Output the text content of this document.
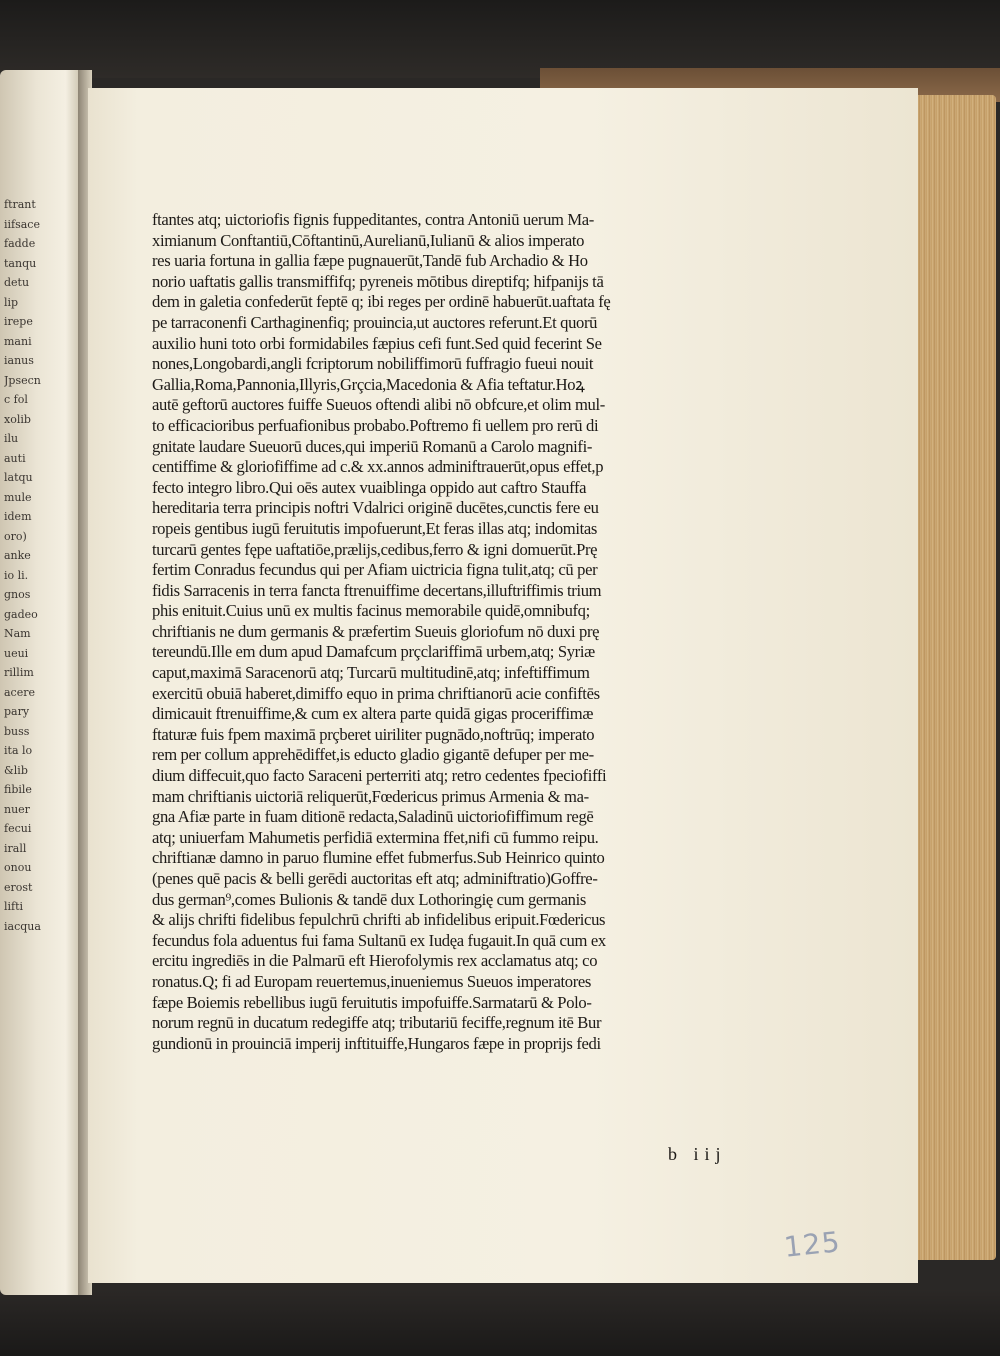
ftrant
iifsace
fadde
tanqu
detu
lip
irepe
mani
ianus
Jpsecn
c fol
xolib
ilu
auti
latqu
mule
idem
oro)
anke
io li.
gnos
gadeo
Nam
ueui
rillim
acere
pary
buss
ita lo
&lib
fibile
nuer
fecui
irall
onou
erost
lifti
iacqua
ftantes atq; uictoriofis fignis fuppeditantes, contra Antoniū uerum Ma-
ximianum Conftantiū,Cōftantinū,Aurelianū,Iulianū & alios imperato
res uaria fortuna in gallia fæpe pugnauerūt,Tandē fub Archadio & Ho
norio uaftatis gallis transmiffifq; pyreneis mōtibus direptifq; hifpanijs tā
dem in galetia confederūt feptē q; ibi reges per ordinē habuerūt.uaftata fę
pe tarraconenfi Carthaginenfiq; prouincia,ut auctores referunt.Et quorū
auxilio huni toto orbi formidabiles fæpius cefi funt.Sed quid fecerint Se
nones,Longobardi,angli fcriptorum nobiliffimorū fuffragio fueui nouit
Gallia,Roma,Pannonia,Illyris,Grçcia,Macedonia & Afia teftatur.Hoꝝ
autē geftorū auctores fuiffe Sueuos oftendi alibi nō obfcure,et olim mul-
to efficacioribus perfuafionibus probabo.Poftremo fi uellem pro rerū di
gnitate laudare Sueuorū duces,qui imperiū Romanū a Carolo magnifi-
centiffime & gloriofiffime ad c.& xx.annos adminiftrauerūt,opus effet,p
fecto integro libro.Qui oēs autex vuaiblinga oppido aut caftro Stauffa
hereditaria terra principis noftri Vdalrici originē ducētes,cunctis fere eu
ropeis gentibus iugū feruitutis impofuerunt,Et feras illas atq; indomitas
turcarū gentes fępe uaftatiōe,prælijs,cedibus,ferro & igni domuerūt.Prę
fertim Conradus fecundus qui per Afiam uictricia figna tulit,atq; cū per
fidis Sarracenis in terra fancta ftrenuiffime decertans,illuftriffimis trium
phis enituit.Cuius unū ex multis facinus memorabile quidē,omnibufq;
chriftianis ne dum germanis & præfertim Sueuis gloriofum nō duxi prę
tereundū.Ille em dum apud Damafcum prçclariffimā urbem,atq; Syriæ
caput,maximā Saracenorū atq; Turcarū multitudinē,atq; infeftiffimum
exercitū obuiā haberet,dimiffo equo in prima chriftianorū acie confiftēs
dimicauit ftrenuiffime,& cum ex altera parte quidā gigas proceriffimæ
ftaturæ fuis fpem maximā prçberet uiriliter pugnādo,noftrūq; imperato
rem per collum apprehēdiffet,is educto gladio gigantē defuper per me-
dium diffecuit,quo facto Saraceni perterriti atq; retro cedentes fpeciofiffi
mam chriftianis uictoriā reliquerūt,Fœdericus primus Armenia & ma-
gna Afiæ parte in fuam ditionē redacta,Saladinū uictoriofiffimum regē
atq; uniuerfam Mahumetis perfidiā extermina ffet,nifi cū fummo reipu.
chriftianæ damno in paruo flumine effet fubmerfus.Sub Heinrico quinto
(penes quē pacis & belli gerēdi auctoritas eft atq; adminiftratio)Goffre-
dus german⁹,comes Bulionis & tandē dux Lothoringię cum germanis
& alijs chrifti fidelibus fepulchrū chrifti ab infidelibus eripuit.Fœdericus
fecundus fola aduentus fui fama Sultanū ex Iudęa fugauit.In quā cum ex
ercitu ingrediēs in die Palmarū eft Hierofolymis rex acclamatus atq; co
ronatus.Q; fi ad Europam reuertemus,inueniemus Sueuos imperatores
fæpe Boiemis rebellibus iugū feruitutis impofuiffe.Sarmatarū & Polo-
norum regnū in ducatum redegiffe atq; tributariū feciffe,regnum itē Bur
gundionū in prouinciā imperij inftituiffe,Hungaros fæpe in proprijs fedi
b iij
125
